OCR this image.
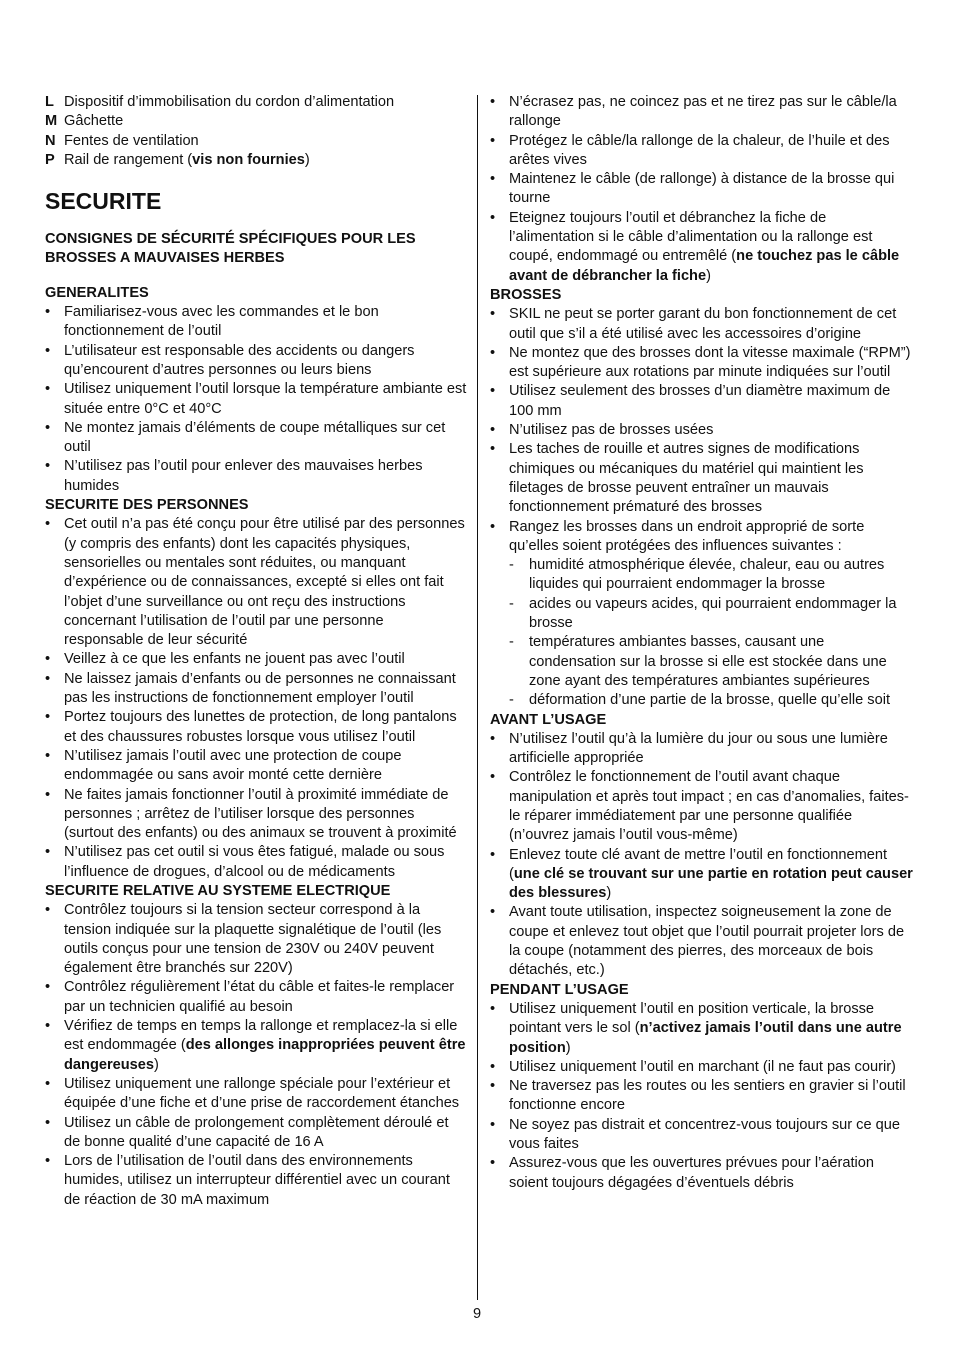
L Dispositif d’immobilisation du cordon d’alimentation
M Gâchette
N Fentes de ventilation
P Rail de rangement (vis non fournies)
SECURITE
CONSIGNES DE SÉCURITÉ SPÉCIFIQUES POUR LES BROSSES A MAUVAISES HERBES
GENERALITES
• Familiarisez-vous avec les commandes et le bon fonctionnement de l’outil
• L’utilisateur est responsable des accidents ou dangers qu’encourent d’autres personnes ou leurs biens
• Utilisez uniquement l’outil lorsque la température ambiante est située entre 0°C et 40°C
• Ne montez jamais d’éléments de coupe métalliques sur cet outil
• N’utilisez pas l’outil pour enlever des mauvaises herbes humides
SECURITE DES PERSONNES
• Cet outil n’a pas été conçu pour être utilisé par des personnes (y compris des enfants) dont les capacités physiques, sensorielles ou mentales sont réduites, ou manquant d’expérience ou de connaissances, excepté si elles ont fait l’objet d’une surveillance ou ont reçu des instructions concernant l’utilisation de l’outil par une personne responsable de leur sécurité
• Veillez à ce que les enfants ne jouent pas avec l’outil
• Ne laissez jamais d’enfants ou de personnes ne connaissant pas les instructions de fonctionnement employer l’outil
• Portez toujours des lunettes de protection, de long pantalons et des chaussures robustes lorsque vous utilisez l’outil
• N’utilisez jamais l’outil avec une protection de coupe endommagée ou sans avoir monté cette dernière
• Ne faites jamais fonctionner l’outil à proximité immédiate de personnes ; arrêtez de l’utiliser lorsque des personnes (surtout des enfants) ou des animaux se trouvent à proximité
• N’utilisez pas cet outil si vous êtes fatigué, malade ou sous l’influence de drogues, d’alcool ou de médicaments
SECURITE RELATIVE AU SYSTEME ELECTRIQUE
• Contrôlez toujours si la tension secteur correspond à la tension indiquée sur la plaquette signalétique de l’outil (les outils conçus pour une tension de 230V ou 240V peuvent également être branchés sur 220V)
• Contrôlez régulièrement l’état du câble et faites-le remplacer par un technicien qualifié au besoin
• Vérifiez de temps en temps la rallonge et remplacez-la si elle est endommagée (des allonges inappropriées peuvent être dangereuses)
• Utilisez uniquement une rallonge spéciale pour l’extérieur et équipée d’une fiche et d’une prise de raccordement étanches
• Utilisez un câble de prolongement complètement déroulé et de bonne qualité d’une capacité de 16 A
• Lors de l’utilisation de l’outil dans des environnements humides, utilisez un interrupteur différentiel avec un courant de réaction de 30 mA maximum
• N’écrasez pas, ne coincez pas et ne tirez pas sur le câble/la rallonge
• Protégez le câble/la rallonge de la chaleur, de l’huile et des arêtes vives
• Maintenez le câble (de rallonge) à distance de la brosse qui tourne
• Eteignez toujours l’outil et débranchez la fiche de l’alimentation si le câble d’alimentation ou la rallonge est coupé, endommagé ou entremêlé (ne touchez pas le câble avant de débrancher la fiche)
BROSSES
• SKIL ne peut se porter garant du bon fonctionnement de cet outil que s’il a été utilisé avec les accessoires d’origine
• Ne montez que des brosses dont la vitesse maximale (“RPM”) est supérieure aux rotations par minute indiquées sur l’outil
• Utilisez seulement des brosses d’un diamètre maximum de 100 mm
• N’utilisez pas de brosses usées
• Les taches de rouille et autres signes de modifications chimiques ou mécaniques du matériel qui maintient les filetages de brosse peuvent entraîner un mauvais fonctionnement prématuré des brosses
• Rangez les brosses dans un endroit approprié de sorte qu’elles soient protégées des influences suivantes :
- humidité atmosphérique élevée, chaleur, eau ou autres liquides qui pourraient endommager la brosse
- acides ou vapeurs acides, qui pourraient endommager la brosse
- températures ambiantes basses, causant une condensation sur la brosse si elle est stockée dans une zone ayant des températures ambiantes supérieures
- déformation d’une partie de la brosse, quelle qu’elle soit
AVANT L’USAGE
• N’utilisez l’outil qu’à la lumière du jour ou sous une lumière artificielle appropriée
• Contrôlez le fonctionnement de l’outil avant chaque manipulation et après tout impact ; en cas d’anomalies, faites-le réparer immédiatement par une personne qualifiée (n’ouvrez jamais l’outil vous-même)
• Enlevez toute clé avant de mettre l’outil en fonctionnement (une clé se trouvant sur une partie en rotation peut causer des blessures)
• Avant toute utilisation, inspectez soigneusement la zone de coupe et enlevez tout objet que l’outil pourrait projeter lors de la coupe (notamment des pierres, des morceaux de bois détachés, etc.)
PENDANT L’USAGE
• Utilisez uniquement l’outil en position verticale, la brosse pointant vers le sol (n’activez jamais l’outil dans une autre position)
• Utilisez uniquement l’outil en marchant (il ne faut pas courir)
• Ne traversez pas les routes ou les sentiers en gravier si l’outil fonctionne encore
• Ne soyez pas distrait et concentrez-vous toujours sur ce que vous faites
• Assurez-vous que les ouvertures prévues pour l’aération soient toujours dégagées d’éventuels débris
9
